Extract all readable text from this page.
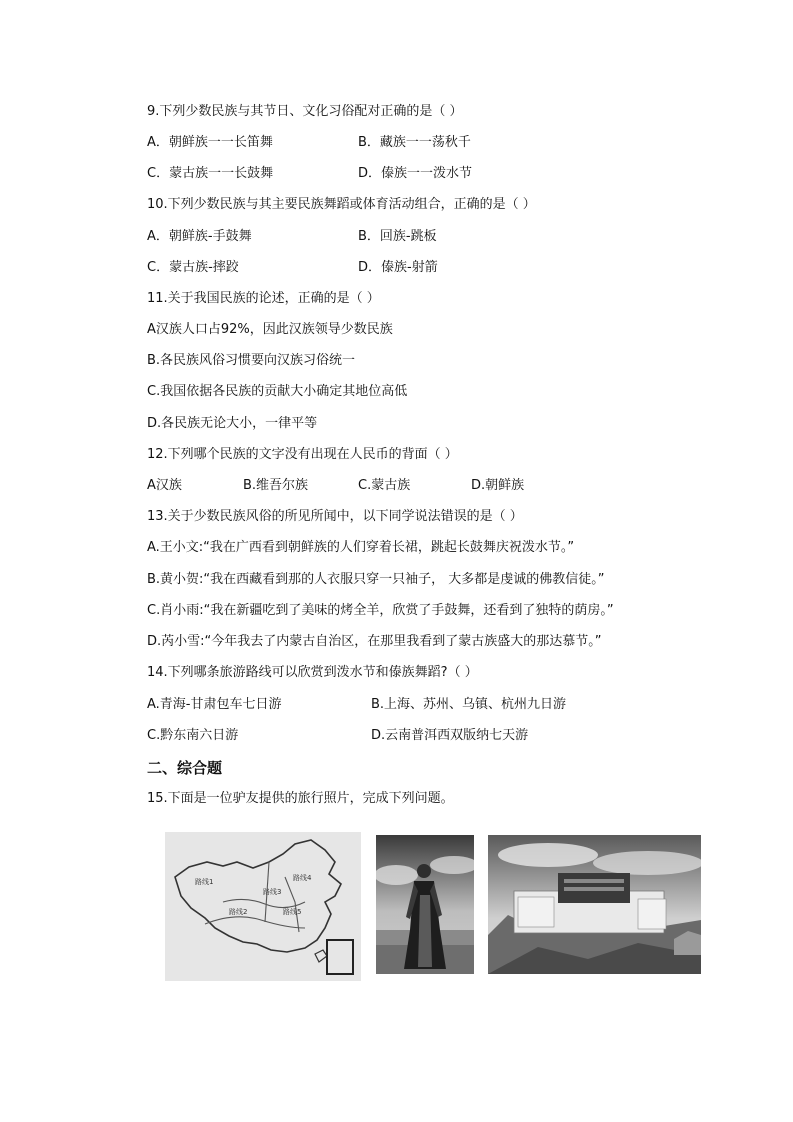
9.下列少数民族与其节日、文化习俗配对正确的是（ ）
A．朝鲜族一一长笛舞	B．藏族一一荡秋千
C．蒙古族一一长鼓舞	D．傣族一一泼水节
10.下列少数民族与其主要民族舞蹈或体育活动组合，正确的是（ ）
A．朝鲜族-手鼓舞	B．回族-跳板
C．蒙古族-摔跤	D．傣族-射箭
11.关于我国民族的论述，正确的是（ ）
A汉族人口占92%，因此汉族领导少数民族
B.各民族风俗习惯要向汉族习俗统一
C.我国依据各民族的贡献大小确定其地位高低
D.各民族无论大小，一律平等
12.下列哪个民族的文字没有出现在人民币的背面（ ）
A汉族	B.维吾尔族	C.蒙古族	D.朝鲜族
13.关于少数民族风俗的所见所闻中，以下同学说法错误的是（ ）
A.王小文:“我在广西看到朝鲜族的人们穿着长裙，跳起长鼓舞庆祝泼水节。”
B.黄小贺:“我在西藏看到那的人衣服只穿一只袖子， 大多都是虔诚的佛教信徒。”
C.肖小雨:“我在新疆吃到了美味的烤全羊，欣赏了手鼓舞，还看到了独特的荫房。”
D.芮小雪:“今年我去了内蒙古自治区，在那里我看到了蒙古族盛大的那达慕节。”
14.下列哪条旅游路线可以欣赏到泼水节和傣族舞蹈?（ ）
A.青海-甘肃包车七日游	B.上海、苏州、乌镇、杭州九日游
C.黔东南六日游	D.云南普洱西双版纳七天游
二、综合题
15.下面是一位驴友提供的旅行照片，完成下列问题。
路线1
路线3
路线4
路线2	路线5
